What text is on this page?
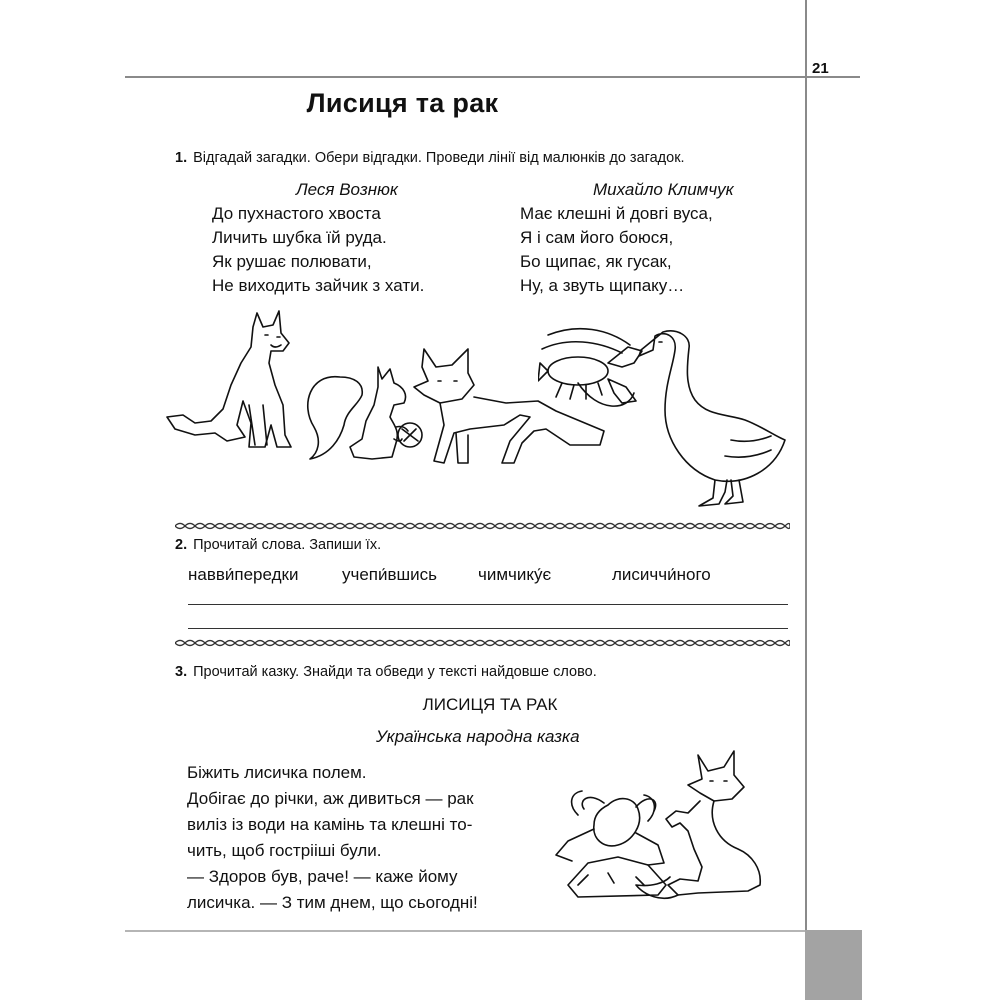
21
Лисиця та рак
1. Відгадай загадки. Обери відгадки. Проведи лінії від малюнків до загадок.
Леся Вознюк
До пухнастого хвоста
Личить шубка їй руда.
Як рушає полювати,
Не виходить зайчик з хати.
Михайло Климчук
Має клешні й довгі вуса,
Я і сам його боюся,
Бо щипає, як гусак,
Ну, а звуть щипаку…
2. Прочитай слова. Запиши їх.
навви́передки	учепи́вшись чимчику́є	лисиччи́ного
3. Прочитай казку. Знайди та обведи у тексті найдовше слово.
ЛИСИЦЯ ТА РАК
Українська народна казка
Біжить лисичка полем.
Добігає до річки, аж дивиться — рак
виліз із води на камінь та клешні то-
чить, щоб гострііші були.
— Здоров був, раче! — каже йому
лисичка. — З тим днем, що сьогодні!
